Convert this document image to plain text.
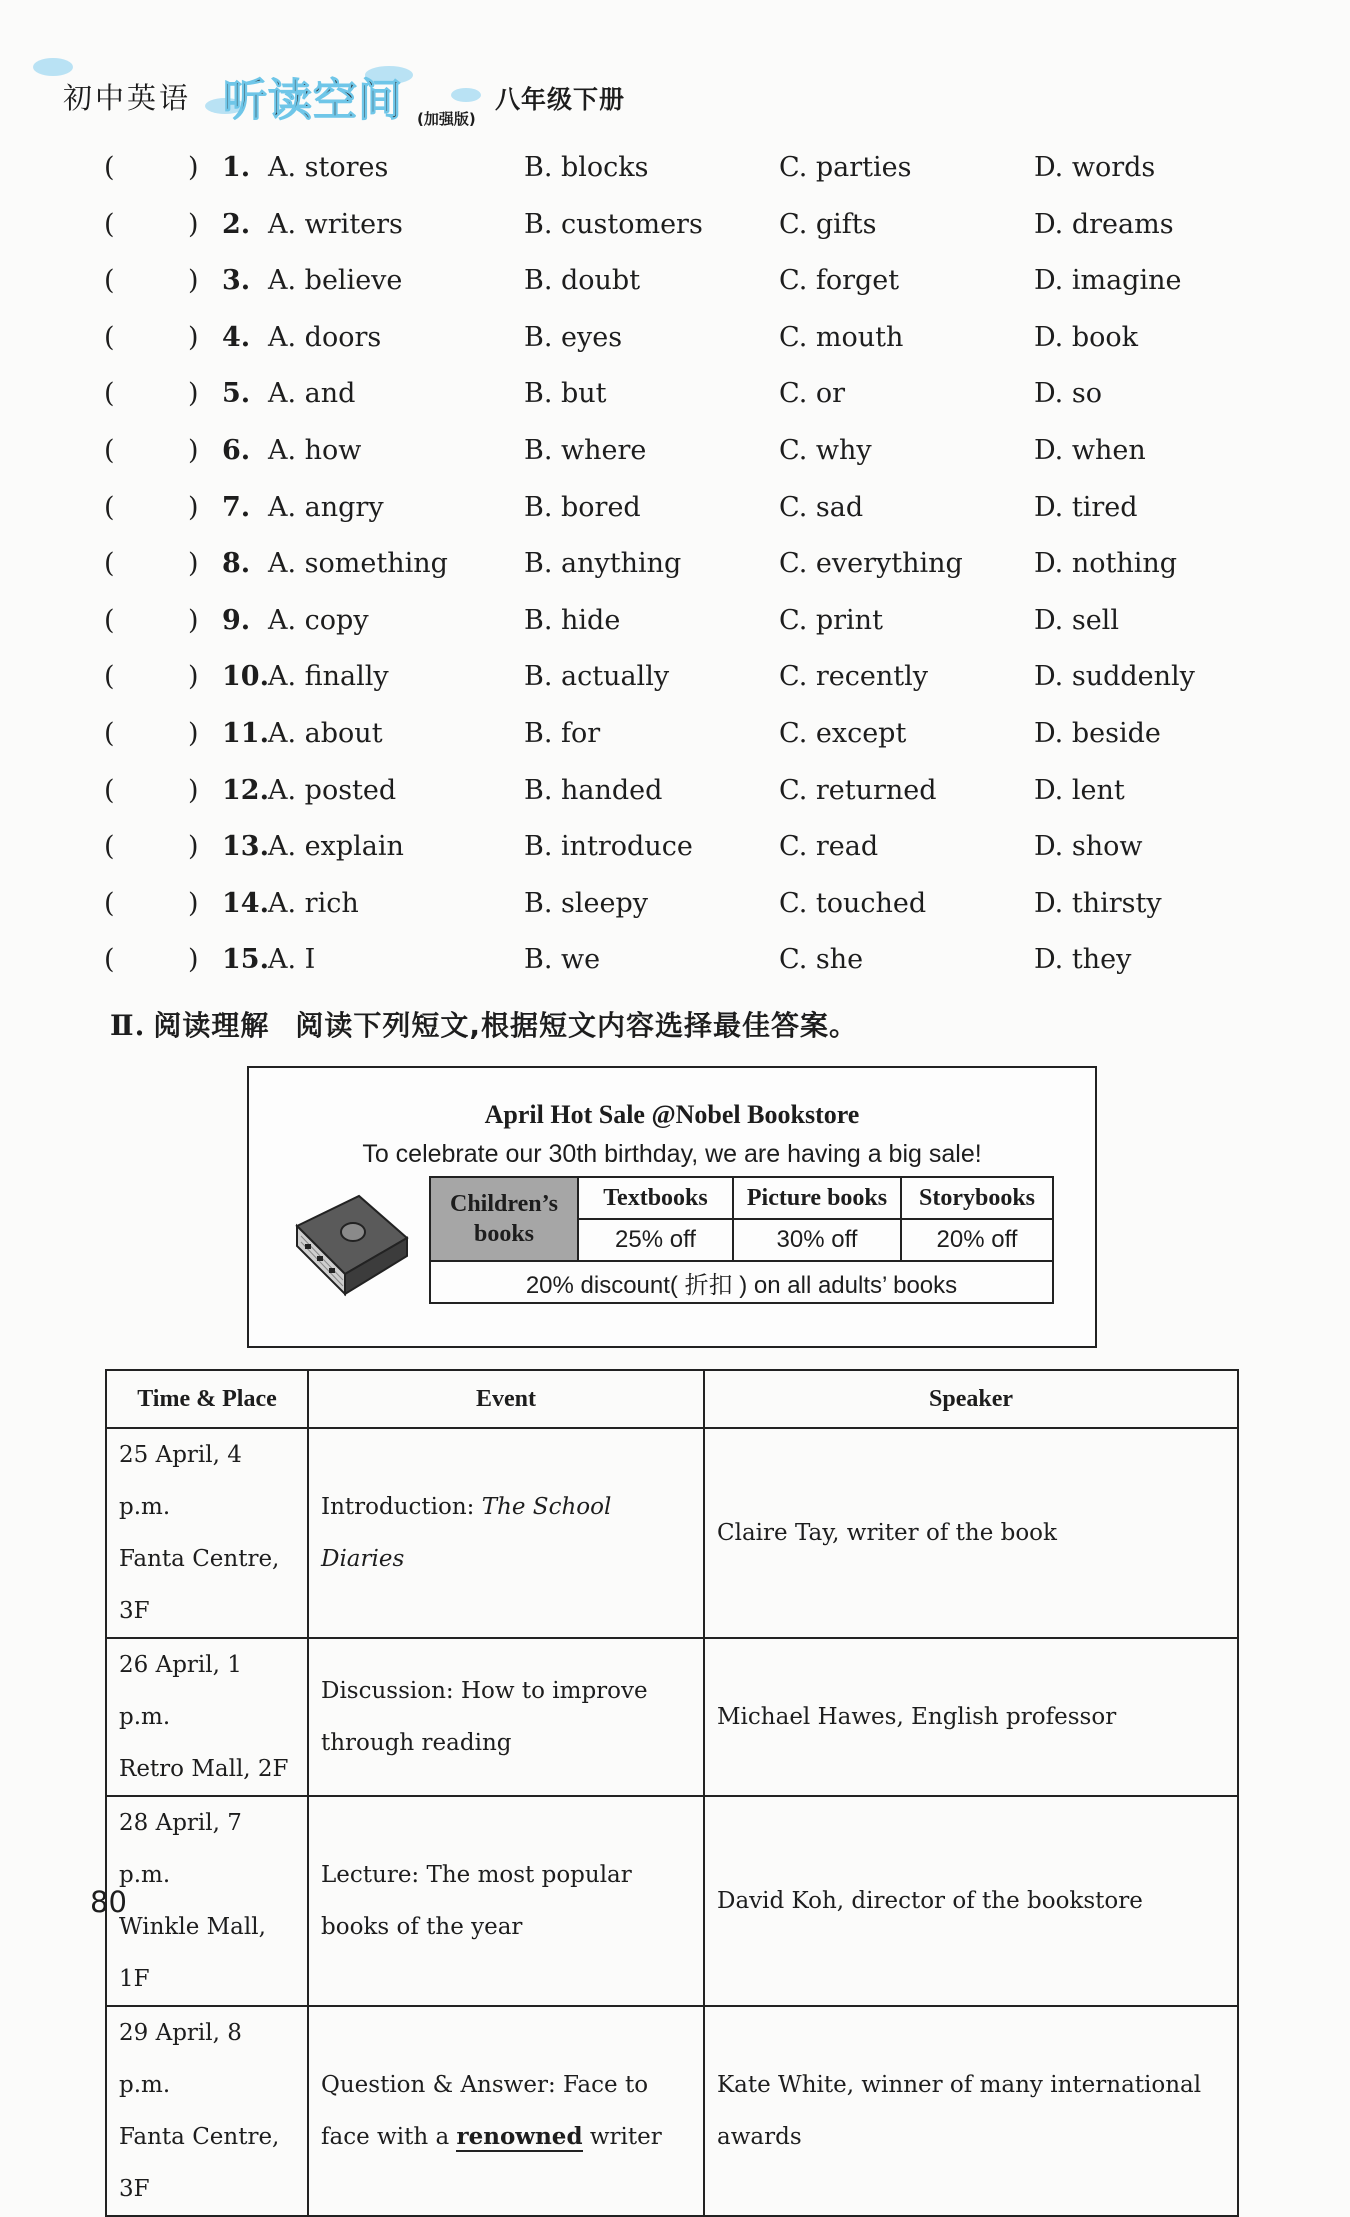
初中英语 听读空间 (加强版)
八年级下册
(	) 1. A. stores	B. blocks	C. parties	D. words
(	) 2. A. writers	B. customers	C. gifts	D. dreams
(	) 3. A. believe	B. doubt	C. forget	D. imagine
(	) 4. A. doors	B. eyes	C. mouth	D. book
(	) 5. A. and	B. but	C. or	D. so
(	) 6. A. how	B. where	C. why	D. when
(	) 7. A. angry	B. bored	C. sad	D. tired
(	) 8. A. something	B. anything	C. everything	D. nothing
(	) 9. A. copy	B. hide	C. print	D. sell
(	) 10. A. finally	B. actually	C. recently	D. suddenly
(	) 11. A. about	B. for	C. except	D. beside
(	) 12. A. posted	B. handed	C. returned	D. lent
(	) 13. A. explain	B. introduce	C. read	D. show
(	) 14. A. rich	B. sleepy	C. touched	D. thirsty
(	) 15. A. I	B. we	C. she	D. they
Ⅱ. 阅读理解 阅读下列短文,根据短文内容选择最佳答案。
April Hot Sale @Nobel Bookstore
To celebrate our 30th birthday, we are having a big sale!
Children’s
books	Textbooks	Picture books	Storybooks
	25% off	30% off	20% off
20% discount( 折扣 ) on all adults’ books			
Time & Place	Event	Speaker
25 April, 4 p.m.
Fanta Centre, 3F	Introduction: The School Diaries	Claire Tay, writer of the book
26 April, 1 p.m.
Retro Mall, 2F	Discussion: How to improve through reading	Michael Hawes, English professor
28 April, 7 p.m.
Winkle Mall, 1F	Lecture: The most popular books of the year	David Koh, director of the bookstore
29 April, 8 p.m.
Fanta Centre, 3F	Question & Answer: Face to face with a renowned writer	Kate White, winner of many international awards
80
